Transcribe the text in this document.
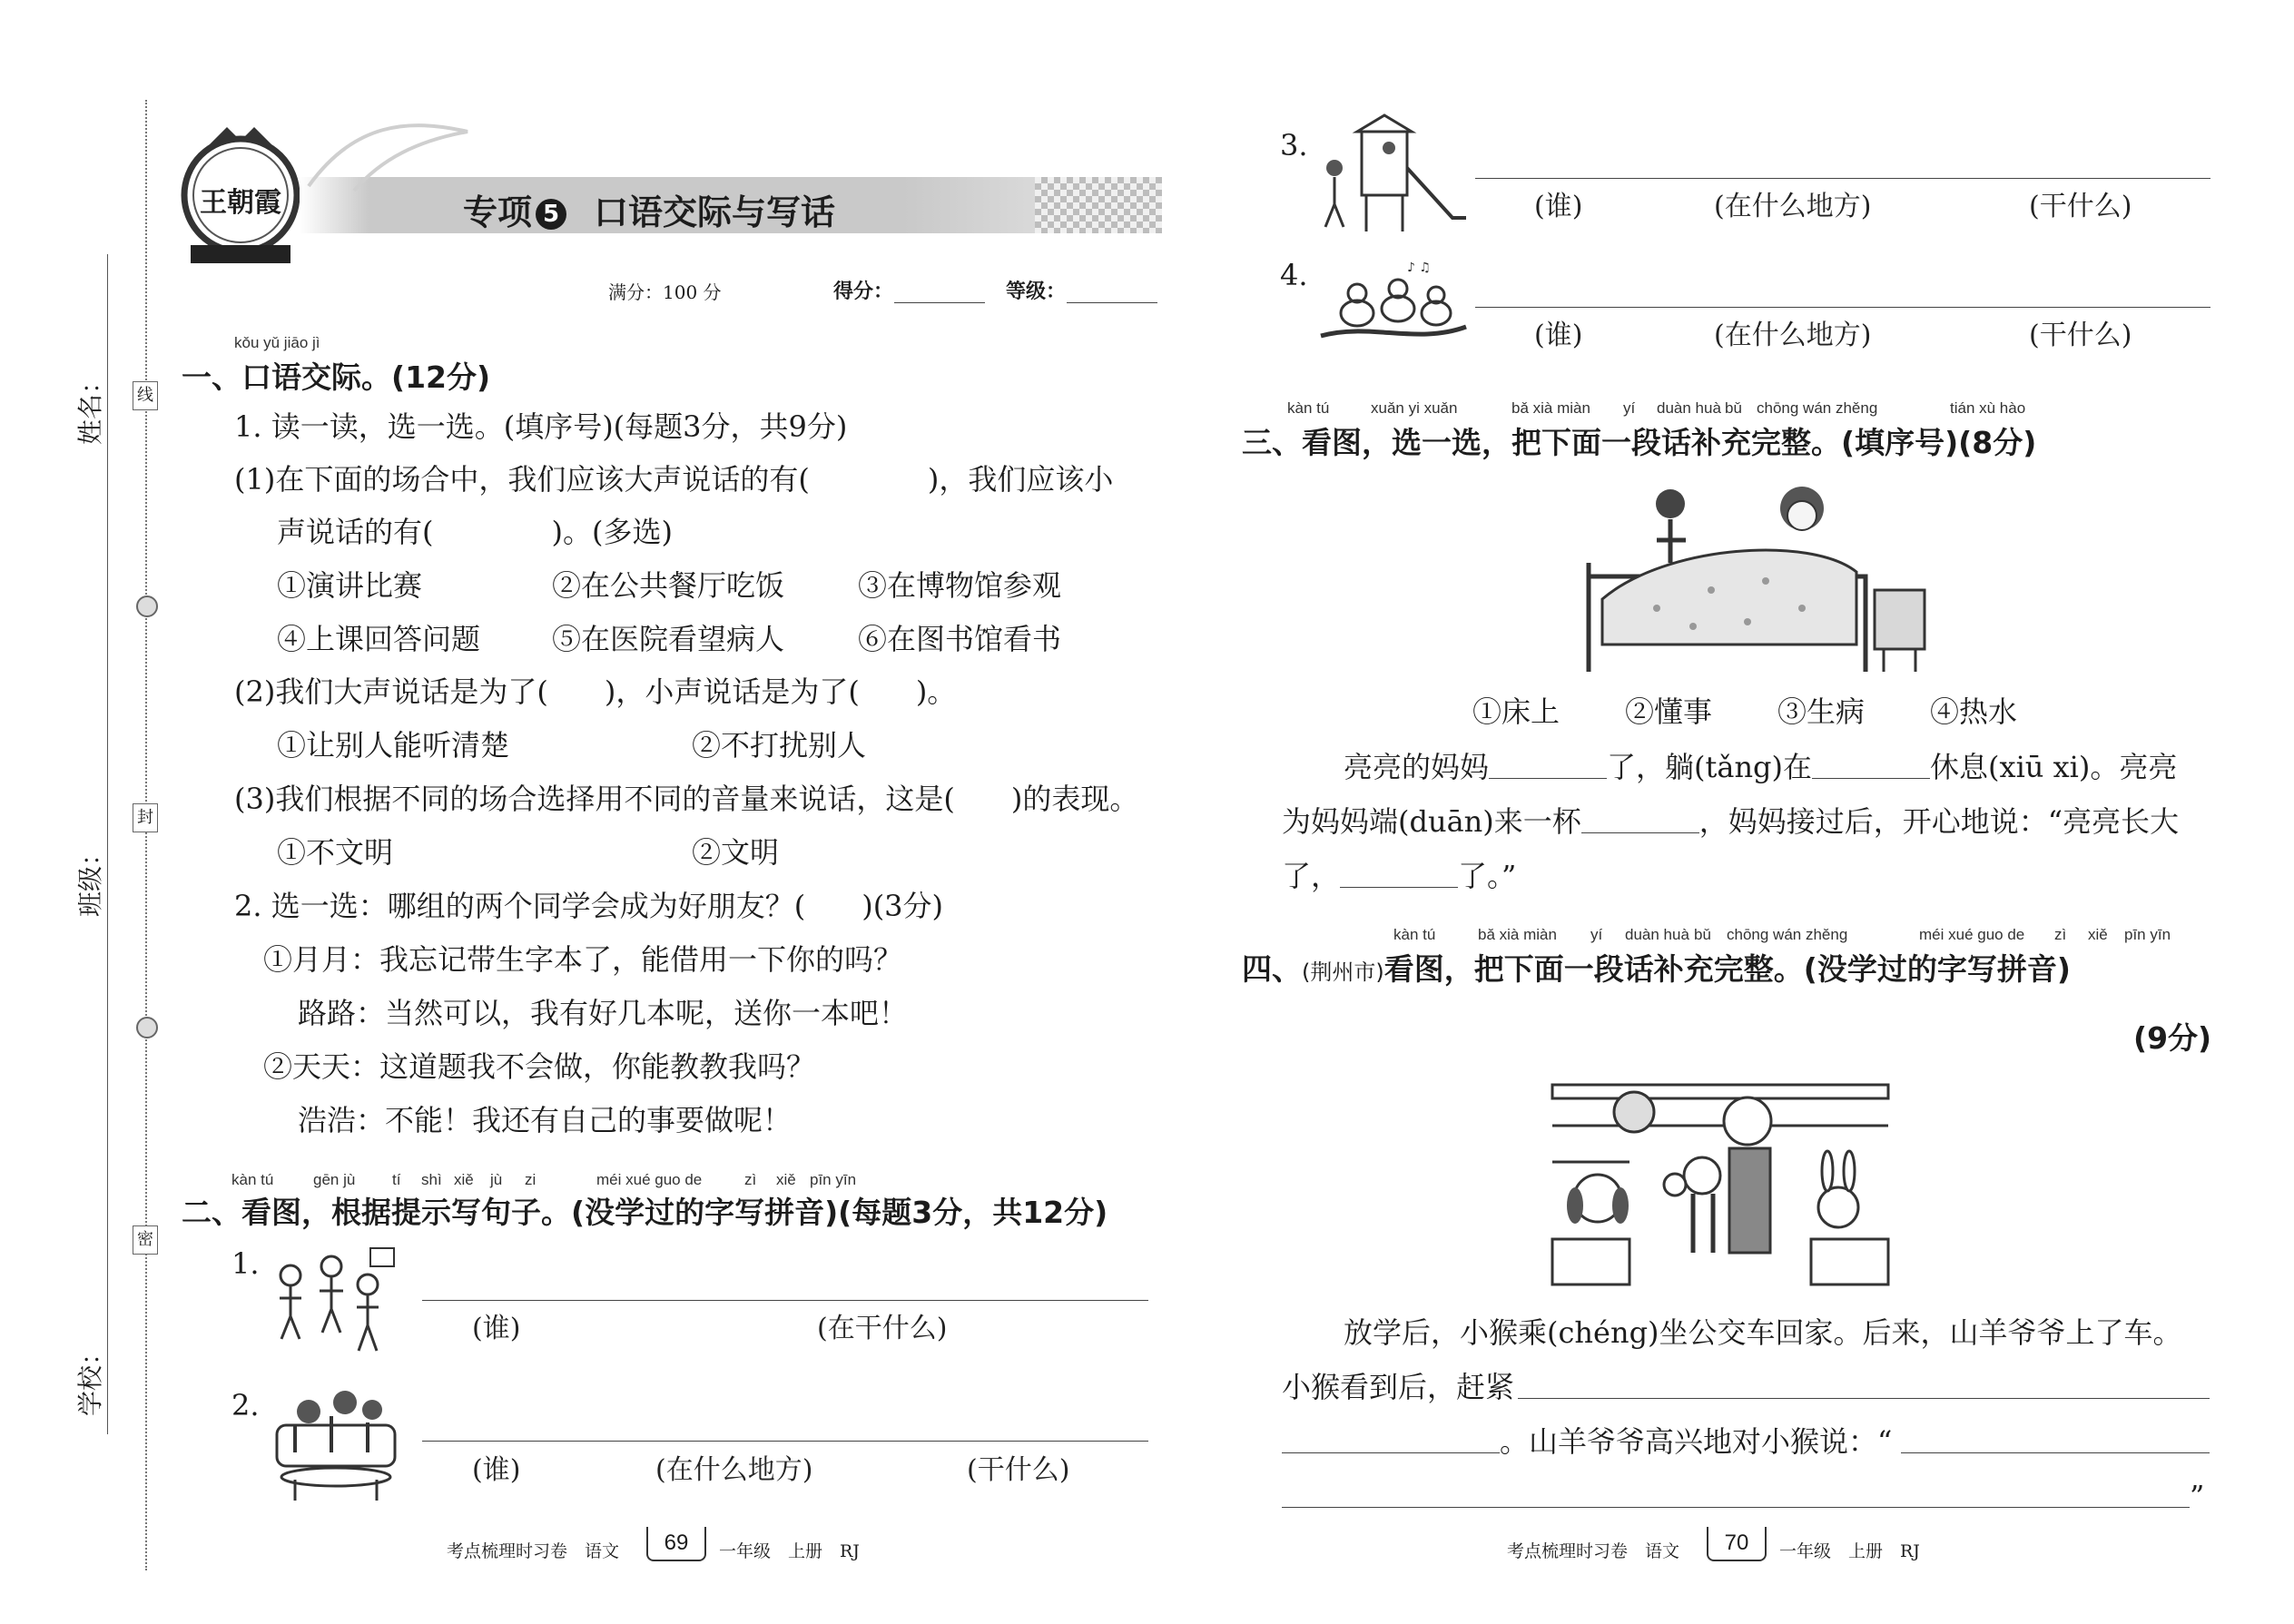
姓名：
班级：
学校：
线
封
密
王朝霞	专项 5 口语交际与写话
满分：100 分	得分：	等级：
kǒu yǔ jiāo jì
一、口语交际。(12分)
1. 读一读，选一选。(填序号)(每题3分，共9分)
(1)在下面的场合中，我们应该大声说话的有(	)，我们应该小
声说话的有(	)。(多选)
①演讲比赛	②在公共餐厅吃饭	③在博物馆参观
④上课回答问题 ⑤在医院看望病人	⑥在图书馆看书
(2)我们大声说话是为了( )，小声说话是为了( )。
①让别人能听清楚	②不打扰别人
(3)我们根据不同的场合选择用不同的音量来说话，这是( )的表现。
①不文明	②文明
2. 选一选：哪组的两个同学会成为好朋友？( )(3分)
①月月：我忘记带生字本了，能借用一下你的吗？
路路：当然可以，我有好几本呢，送你一本吧！
②天天：这道题我不会做，你能教教我吗？
浩浩：不能！我还有自己的事要做呢！
kàn tú	gēn jù tí shì xiě jù zi	méi xué guo de	zì xiě pīn yīn
二、看图，根据提示写句子。(没学过的字写拼音)(每题3分，共12分)
1.
(谁)	(在干什么)
2.
(谁)	(在什么地方)	(干什么)
3.
(谁)	(在什么地方)	(干什么)
4.	♪ ♫
(谁)	(在什么地方)	(干什么)
kàn tú	xuǎn yi xuǎn	bǎ xià miàn yí duàn huà bǔ chōng wán zhěng	tián xù hào
三、看图，选一选，把下面一段话补充完整。(填序号)(8分)
①床上 ②懂事 ③生病 ④热水
亮亮的妈妈	了，躺(tǎng)在	休息(xiū xi)。亮亮
为妈妈端(duān)来一杯	，妈妈接过后，开心地说：“亮亮长大
了，	了。”
kàn tú	bǎ xià miàn yí duàn huà bǔ chōng wán zhěng	méi xué guo de zì xiě pīn yīn
四、(荆州市)看图，把下面一段话补充完整。(没学过的字写拼音)
(9分)
放学后，小猴乘(chéng)坐公交车回家。后来，山羊爷爷上了车。
小猴看到后，赶紧
。山羊爷爷高兴地对小猴说：“
”
考点梳理时习卷　语文	69	一年级　上册　RJ	考点梳理时习卷　语文	70	一年级　上册　RJ
